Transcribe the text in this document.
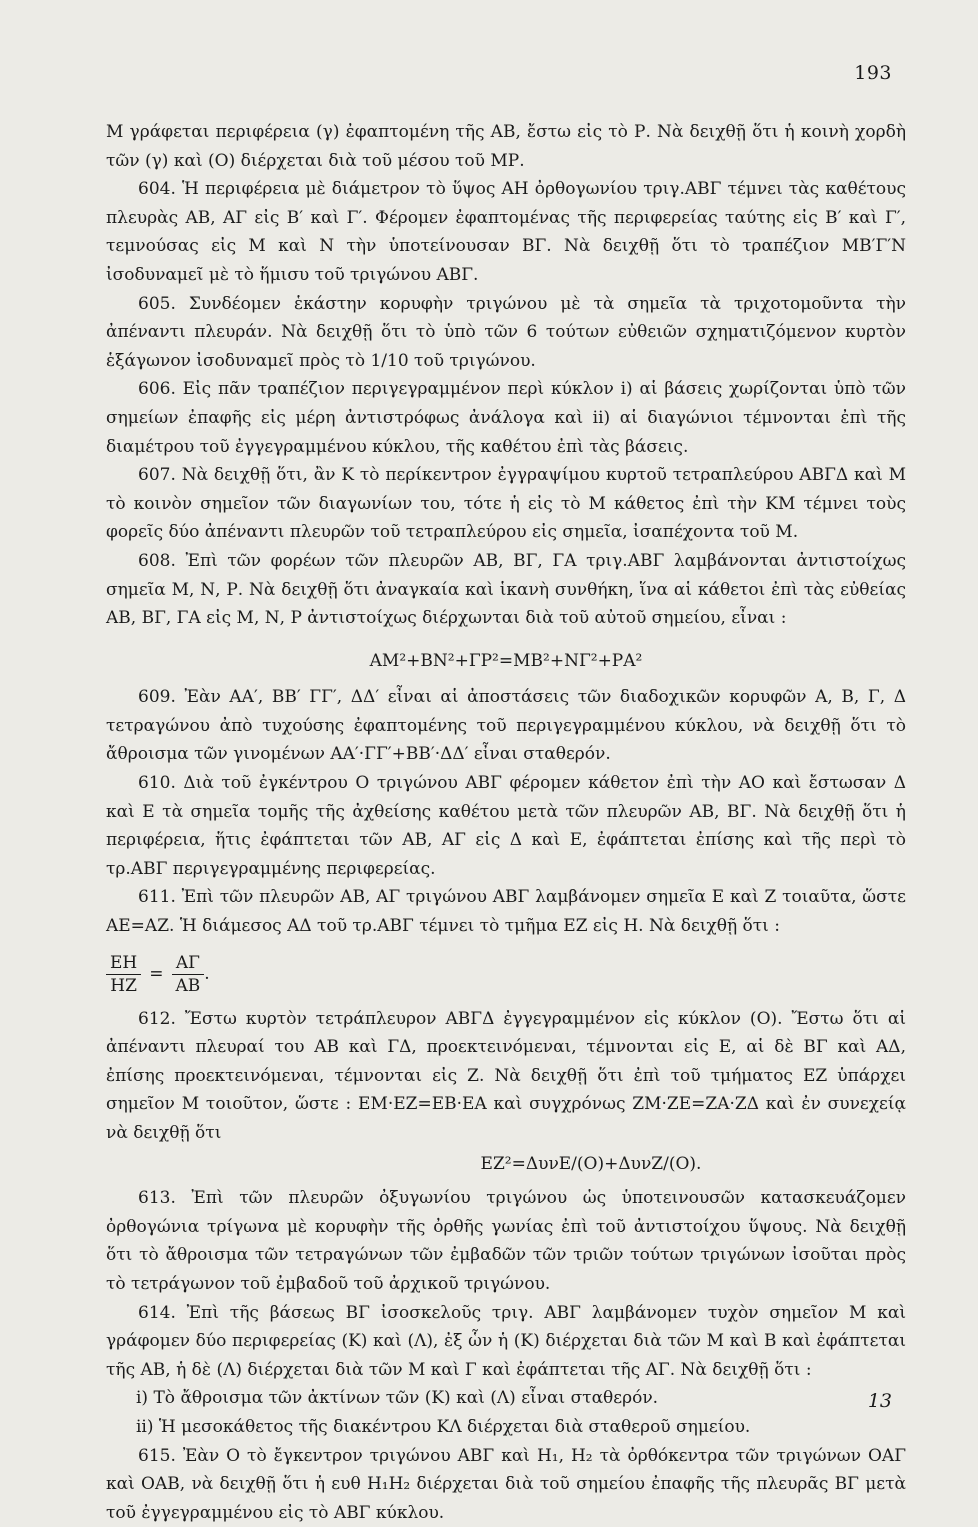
193

Μ γράφεται περιφέρεια (γ) ἐφαπτομένη τῆς ΑΒ, ἔστω εἰς τὸ Ρ. Νὰ δειχθῇ ὅτι ἡ κοινὴ χορδὴ τῶν (γ) καὶ (Ο) διέρχεται διὰ τοῦ μέσου τοῦ ΜΡ.

604. Ἡ περιφέρεια μὲ διάμετρον τὸ ὕψος ΑΗ ὀρθογωνίου τριγ.ΑΒΓ τέμνει τὰς καθέτους πλευρὰς ΑΒ, ΑΓ εἰς Β′ καὶ Γ′. Φέρομεν ἐφαπτομένας τῆς περιφερείας ταύτης εἰς Β′ καὶ Γ′, τεμνούσας εἰς Μ καὶ Ν τὴν ὑποτείνουσαν ΒΓ. Νὰ δειχθῇ ὅτι τὸ τραπέζιον ΜΒ′Γ′Ν ἰσοδυναμεῖ μὲ τὸ ἥμισυ τοῦ τριγώνου ΑΒΓ.

605. Συνδέομεν ἑκάστην κορυφὴν τριγώνου μὲ τὰ σημεῖα τὰ τριχοτομοῦντα τὴν ἀπέναντι πλευράν. Νὰ δειχθῇ ὅτι τὸ ὑπὸ τῶν 6 τούτων εὐθειῶν σχηματιζόμενον κυρτὸν ἑξάγωνον ἰσοδυναμεῖ πρὸς τὸ 1/10 τοῦ τριγώνου.

606. Εἰς πᾶν τραπέζιον περιγεγραμμένον περὶ κύκλον i) αἱ βάσεις χωρίζονται ὑπὸ τῶν σημείων ἐπαφῆς εἰς μέρη ἀντιστρόφως ἀνάλογα καὶ ii) αἱ διαγώνιοι τέμνονται ἐπὶ τῆς διαμέτρου τοῦ ἐγγεγραμμένου κύκλου, τῆς καθέτου ἐπὶ τὰς βάσεις.

607. Νὰ δειχθῇ ὅτι, ἂν Κ τὸ περίκεντρον ἐγγραψίμου κυρτοῦ τετραπλεύρου ΑΒΓΔ καὶ Μ τὸ κοινὸν σημεῖον τῶν διαγωνίων του, τότε ἡ εἰς τὸ Μ κάθετος ἐπὶ τὴν ΚΜ τέμνει τοὺς φορεῖς δύο ἀπέναντι πλευρῶν τοῦ τετραπλεύρου εἰς σημεῖα, ἰσαπέχοντα τοῦ Μ.

608. Ἐπὶ τῶν φορέων τῶν πλευρῶν ΑΒ, ΒΓ, ΓΑ τριγ.ΑΒΓ λαμβάνονται ἀντιστοίχως σημεῖα Μ, Ν, Ρ. Νὰ δειχθῇ ὅτι ἀναγκαία καὶ ἱκανὴ συνθήκη, ἵνα αἱ κάθετοι ἐπὶ τὰς εὐθείας ΑΒ, ΒΓ, ΓΑ εἰς Μ, Ν, Ρ ἀντιστοίχως διέρχωνται διὰ τοῦ αὐτοῦ σημείου, εἶναι :

ΑΜ²+ΒΝ²+ΓΡ²=ΜΒ²+ΝΓ²+ΡΑ²

609. Ἐὰν ΑΑ′, ΒΒ′ ΓΓ′, ΔΔ′ εἶναι αἱ ἀποστάσεις τῶν διαδοχικῶν κορυφῶν Α, Β, Γ, Δ τετραγώνου ἀπὸ τυχούσης ἐφαπτομένης τοῦ περιγεγραμμένου κύκλου, νὰ δειχθῇ ὅτι τὸ ἄθροισμα τῶν γινομένων ΑΑ′·ΓΓ′+ΒΒ′·ΔΔ′ εἶναι σταθερόν.

610. Διὰ τοῦ ἐγκέντρου Ο τριγώνου ΑΒΓ φέρομεν κάθετον ἐπὶ τὴν ΑΟ καὶ ἔστωσαν Δ καὶ Ε τὰ σημεῖα τομῆς τῆς ἀχθείσης καθέτου μετὰ τῶν πλευρῶν ΑΒ, ΒΓ. Νὰ δειχθῇ ὅτι ἡ περιφέρεια, ἥτις ἐφάπτεται τῶν ΑΒ, ΑΓ εἰς Δ καὶ Ε, ἐφάπτεται ἐπίσης καὶ τῆς περὶ τὸ τρ.ΑΒΓ περιγεγραμμένης περιφερείας.

611. Ἐπὶ τῶν πλευρῶν ΑΒ, ΑΓ τριγώνου ΑΒΓ λαμβάνομεν σημεῖα Ε καὶ Ζ τοιαῦτα, ὥστε ΑΕ=ΑΖ. Ἡ διάμεσος ΑΔ τοῦ τρ.ΑΒΓ τέμνει τὸ τμῆμα ΕΖ εἰς Η. Νὰ δειχθῇ ὅτι :

$\frac{EH}{HZ} = \frac{A\Gamma}{AB}$ .

612. Ἔστω κυρτὸν τετράπλευρον ΑΒΓΔ ἐγγεγραμμένον εἰς κύκλον (Ο). Ἔστω ὅτι αἱ ἀπέναντι πλευραί του ΑΒ καὶ ΓΔ, προεκτεινόμεναι, τέμνονται εἰς Ε, αἱ δὲ ΒΓ καὶ ΑΔ, ἐπίσης προεκτεινόμεναι, τέμνονται εἰς Ζ. Νὰ δειχθῇ ὅτι ἐπὶ τοῦ τμήματος ΕΖ ὑπάρχει σημεῖον Μ τοιοῦτον, ὥστε : ΕΜ·ΕΖ=ΕΒ·ΕΑ καὶ συγχρόνως ΖΜ·ΖΕ=ΖΑ·ΖΔ καὶ ἐν συνεχείᾳ νὰ δειχθῇ ὅτι

ΕΖ²=ΔυνΕ/(Ο)+ΔυνΖ/(Ο).

613. Ἐπὶ τῶν πλευρῶν ὀξυγωνίου τριγώνου ὡς ὑποτεινουσῶν κατασκευάζομεν ὀρθογώνια τρίγωνα μὲ κορυφὴν τῆς ὀρθῆς γωνίας ἐπὶ τοῦ ἀντιστοίχου ὕψους. Νὰ δειχθῇ ὅτι τὸ ἄθροισμα τῶν τετραγώνων τῶν ἐμβαδῶν τῶν τριῶν τούτων τριγώνων ἰσοῦται πρὸς τὸ τετράγωνον τοῦ ἐμβαδοῦ τοῦ ἀρχικοῦ τριγώνου.

614. Ἐπὶ τῆς βάσεως ΒΓ ἰσοσκελοῦς τριγ. ΑΒΓ λαμβάνομεν τυχὸν σημεῖον Μ καὶ γράφομεν δύο περιφερείας (Κ) καὶ (Λ), ἐξ ὧν ἡ (Κ) διέρχεται διὰ τῶν Μ καὶ Β καὶ ἐφάπτεται τῆς ΑΒ, ἡ δὲ (Λ) διέρχεται διὰ τῶν Μ καὶ Γ καὶ ἐφάπτεται τῆς ΑΓ. Νὰ δειχθῇ ὅτι :

i) Τὸ ἄθροισμα τῶν ἀκτίνων τῶν (Κ) καὶ (Λ) εἶναι σταθερόν.

ii) Ἡ μεσοκάθετος τῆς διακέντρου ΚΛ διέρχεται διὰ σταθεροῦ σημείου.

615. Ἐὰν Ο τὸ ἔγκεντρον τριγώνου ΑΒΓ καὶ Η₁, Η₂ τὰ ὀρθόκεντρα τῶν τριγώνων ΟΑΓ καὶ ΟΑΒ, νὰ δειχθῇ ὅτι ἡ ευθ Η₁Η₂ διέρχεται διὰ τοῦ σημείου ἐπαφῆς τῆς πλευρᾶς ΒΓ μετὰ τοῦ ἐγγεγραμμένου εἰς τὸ ΑΒΓ κύκλου.

13
